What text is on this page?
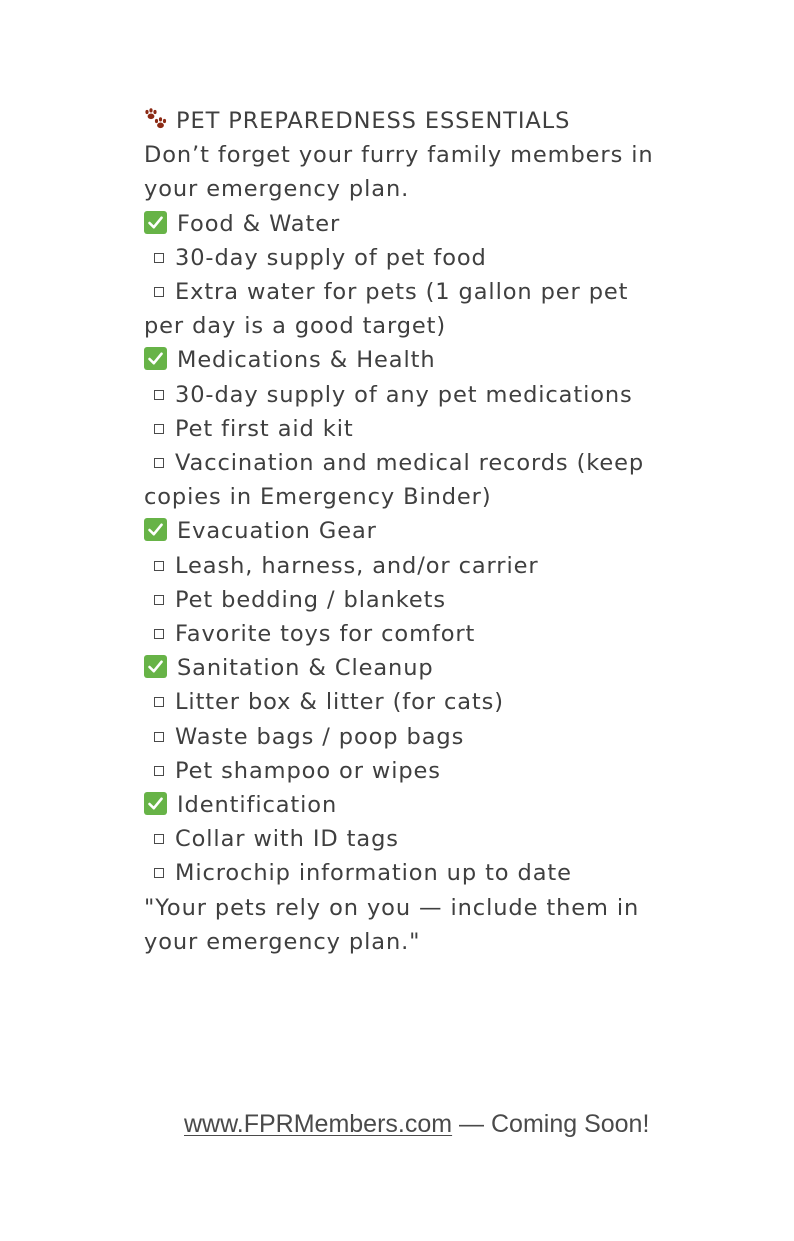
PET PREPAREDNESS ESSENTIALS
Don’t forget your furry family members in your emergency plan.
Food & Water
30-day supply of pet food
Extra water for pets (1 gallon per pet per day is a good target)
Medications & Health
30-day supply of any pet medications
Pet first aid kit
Vaccination and medical records (keep copies in Emergency Binder)
Evacuation Gear
Leash, harness, and/or carrier
Pet bedding / blankets
Favorite toys for comfort
Sanitation & Cleanup
Litter box & litter (for cats)
Waste bags / poop bags
Pet shampoo or wipes
Identification
Collar with ID tags
Microchip information up to date
"Your pets rely on you — include them in your emergency plan."
www.FPRMembers.com — Coming Soon!
